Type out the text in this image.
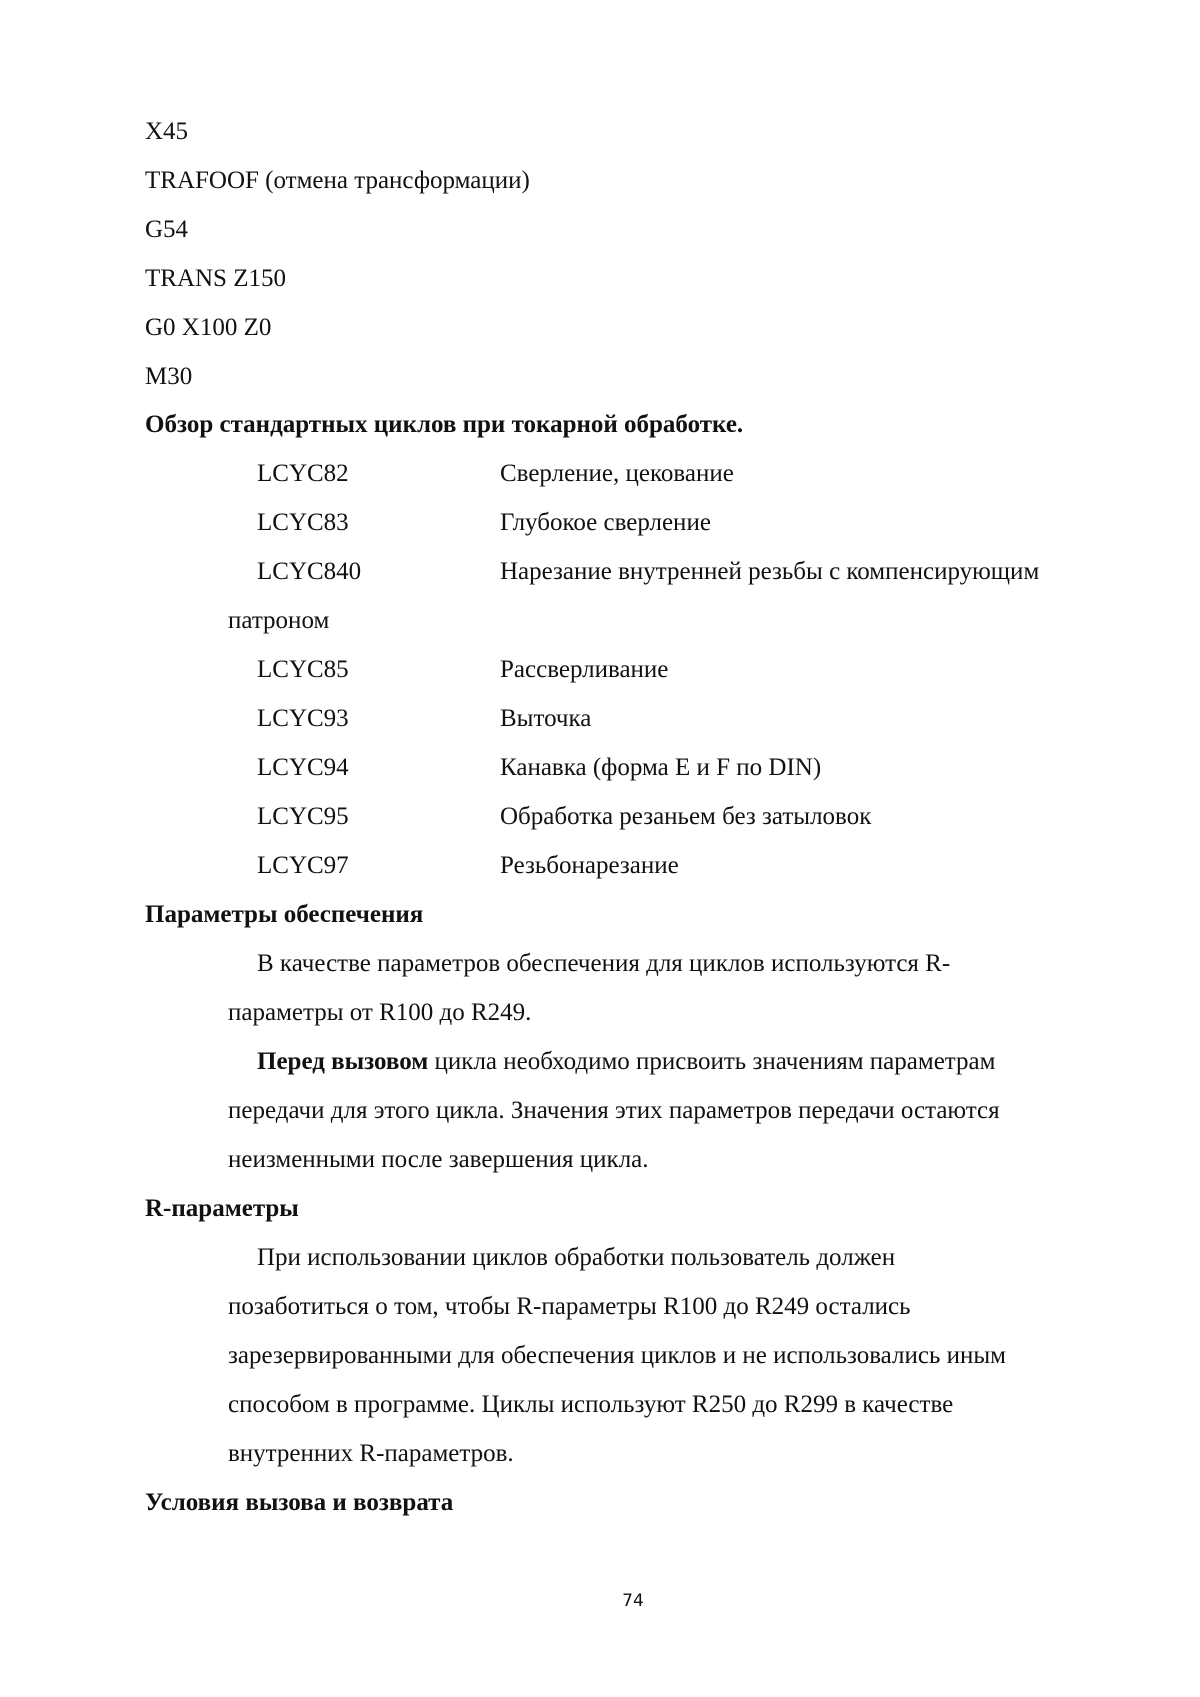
X45
TRAFOOF (отмена трансформации)
G54
TRANS Z150
G0 X100 Z0
M30
Обзор стандартных циклов при токарной обработке.
LCYC82	Сверление, цекование
LCYC83	Глубокое сверление
LCYC840	Нарезание внутренней резьбы с компенсирующим
патроном
LCYC85	Рассверливание
LCYC93	Выточка
LCYC94	Канавка (форма E и F по DIN)
LCYC95	Обработка резаньем без затыловок
LCYC97	Резьбонарезание
Параметры обеспечения
В качестве параметров обеспечения для циклов используются R-
параметры от R100 до R249.
Перед вызовом цикла необходимо присвоить значениям параметрам
передачи для этого цикла. Значения этих параметров передачи остаются
неизменными после завершения цикла.
R-параметры
При использовании циклов обработки пользователь должен
позаботиться о том, чтобы R-параметры R100 до R249 остались
зарезервированными для обеспечения циклов и не использовались иным
способом в программе. Циклы используют R250 до R299 в качестве
внутренних R-параметров.
Условия вызова и возврата
74
